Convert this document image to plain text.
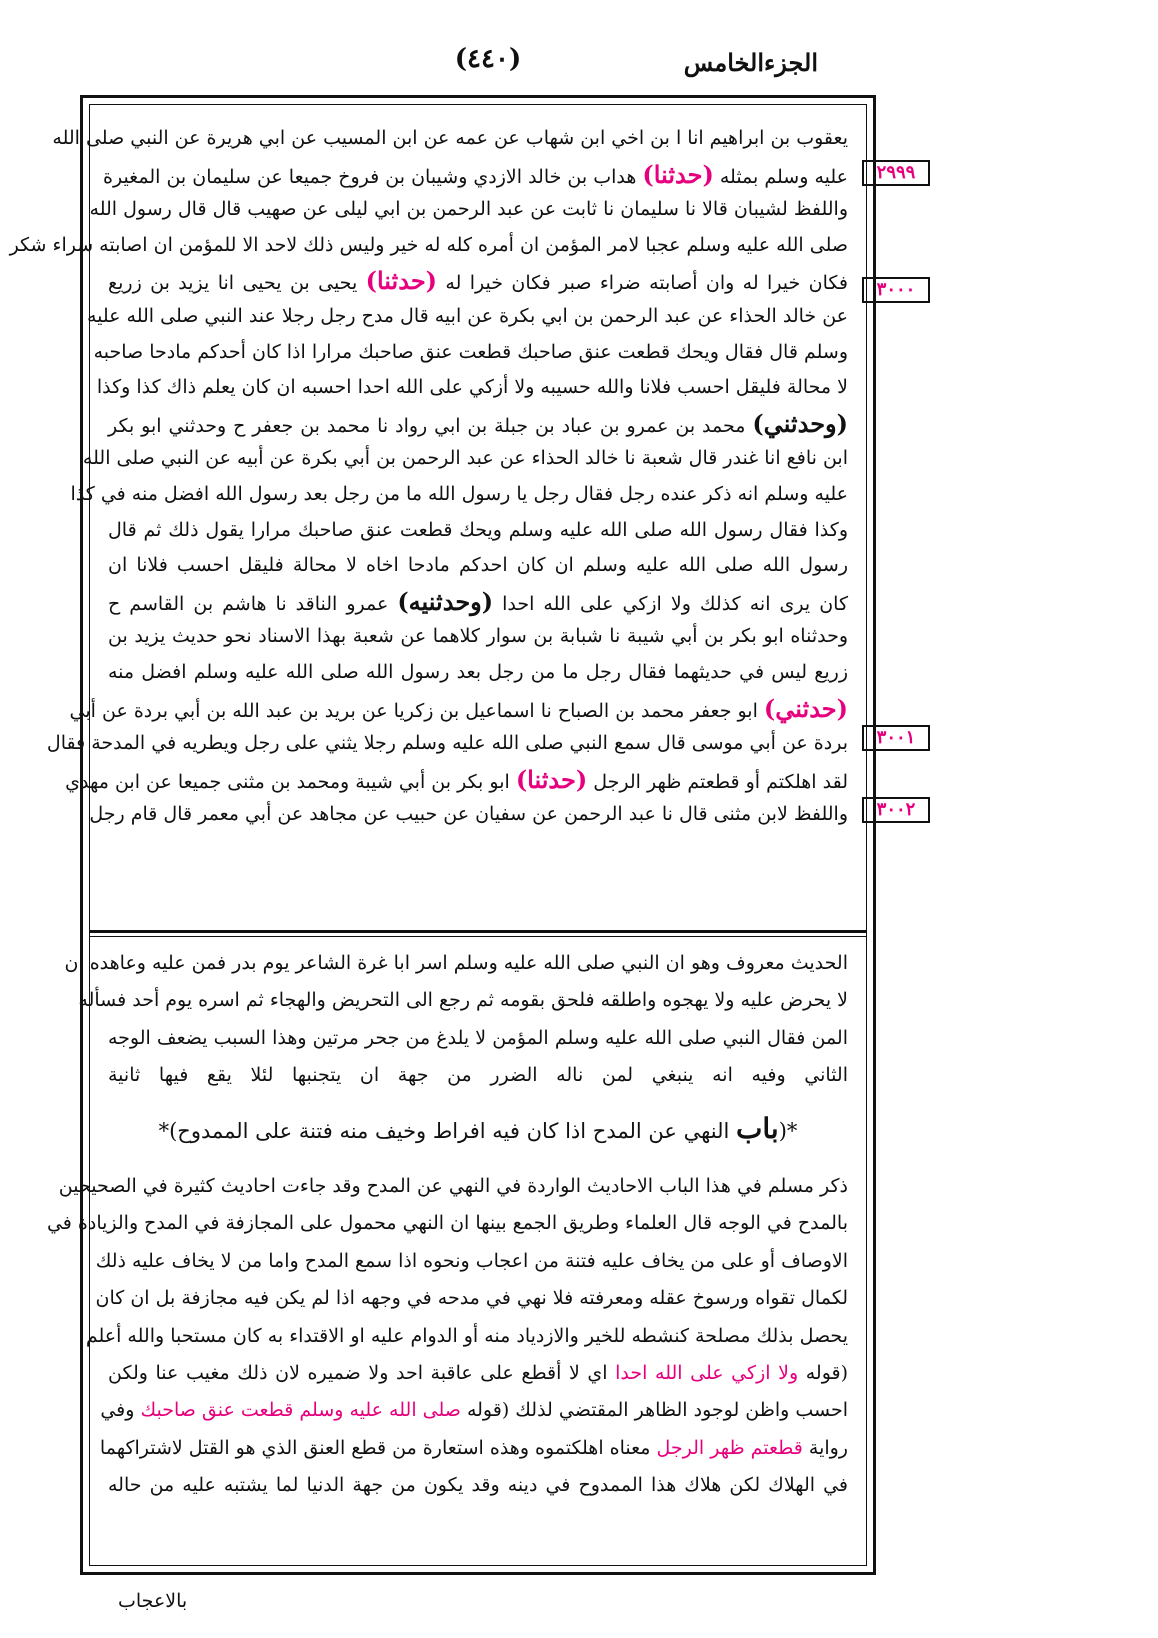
الجزءالخامس
(٤٤٠)
٢٩٩٩
٣٠٠٠
٣٠٠١
٣٠٠٢
يعقوب بن ابراهيم انا ا بن اخي ابن شهاب عن عمه عن ابن المسيب عن ابي هريرة عن النبي صلى الله
عليه وسلم بمثله (حدثنا) هداب بن خالد الازدي وشيبان بن فروخ جميعا عن سليمان بن المغيرة
واللفظ لشيبان قالا نا سليمان نا ثابت عن عبد الرحمن بن ابي ليلى عن صهيب قال قال رسول الله
صلى الله عليه وسلم عجبا لامر المؤمن ان أمره كله له خير وليس ذلك لاحد الا للمؤمن ان اصابته سراء شكر
فكان خيرا له وان أصابته ضراء صبر فكان خيرا له (حدثنا) يحيى بن يحيى انا يزيد بن زريع
عن خالد الحذاء عن عبد الرحمن بن ابي بكرة عن ابيه قال مدح رجل رجلا عند النبي صلى الله عليه
وسلم قال فقال ويحك قطعت عنق صاحبك قطعت عنق صاحبك مرارا اذا كان أحدكم مادحا صاحبه
لا محالة فليقل احسب فلانا والله حسيبه ولا أزكي على الله احدا احسبه ان كان يعلم ذاك كذا وكذا
(وحدثني) محمد بن عمرو بن عباد بن جبلة بن ابي رواد نا محمد بن جعفر ح وحدثني ابو بكر
ابن نافع انا غندر قال شعبة نا خالد الحذاء عن عبد الرحمن بن أبي بكرة عن أبيه عن النبي صلى الله
عليه وسلم انه ذكر عنده رجل فقال رجل يا رسول الله ما من رجل بعد رسول الله افضل منه في كذا
وكذا فقال رسول الله صلى الله عليه وسلم ويحك قطعت عنق صاحبك مرارا يقول ذلك ثم قال
رسول الله صلى الله عليه وسلم ان كان احدكم مادحا اخاه لا محالة فليقل احسب فلانا ان
كان يرى انه كذلك ولا ازكي على الله احدا (وحدثنيه) عمرو الناقد نا هاشم بن القاسم ح
وحدثناه ابو بكر بن أبي شيبة نا شبابة بن سوار كلاهما عن شعبة بهذا الاسناد نحو حديث يزيد بن
زريع ليس في حديثهما فقال رجل ما من رجل بعد رسول الله صلى الله عليه وسلم افضل منه
(حدثني) ابو جعفر محمد بن الصباح نا اسماعيل بن زكريا عن بريد بن عبد الله بن أبي بردة عن أبي
بردة عن أبي موسى قال سمع النبي صلى الله عليه وسلم رجلا يثني على رجل ويطريه في المدحة فقال
لقد اهلكتم أو قطعتم ظهر الرجل (حدثنا) ابو بكر بن أبي شيبة ومحمد بن مثنى جميعا عن ابن مهدي
واللفظ لابن مثنى قال نا عبد الرحمن عن سفيان عن حبيب عن مجاهد عن أبي معمر قال قام رجل
الحديث معروف وهو ان النبي صلى الله عليه وسلم اسر ابا غرة الشاعر يوم بدر فمن عليه وعاهده ان
لا يحرض عليه ولا يهجوه واطلقه فلحق بقومه ثم رجع الى التحريض والهجاء ثم اسره يوم أحد فسأله
المن فقال النبي صلى الله عليه وسلم المؤمن لا يلدغ من جحر مرتين وهذا السبب يضعف الوجه
الثاني وفيه انه ينبغي لمن ناله الضرر من جهة ان يتجنبها لئلا يقع فيها ثانية
*(باب النهي عن المدح اذا كان فيه افراط وخيف منه فتنة على الممدوح)*
ذكر مسلم في هذا الباب الاحاديث الواردة في النهي عن المدح وقد جاءت احاديث كثيرة في الصحيحين
بالمدح في الوجه قال العلماء وطريق الجمع بينها ان النهي محمول على المجازفة في المدح والزيادة في
الاوصاف أو على من يخاف عليه فتنة من اعجاب ونحوه اذا سمع المدح واما من لا يخاف عليه ذلك
لكمال تقواه ورسوخ عقله ومعرفته فلا نهي في مدحه في وجهه اذا لم يكن فيه مجازفة بل ان كان
يحصل بذلك مصلحة كنشطه للخير والازدياد منه أو الدوام عليه او الاقتداء به كان مستحبا والله أعلم
(قوله ولا ازكي على الله احدا اي لا أقطع على عاقبة احد ولا ضميره لان ذلك مغيب عنا ولكن
احسب واظن لوجود الظاهر المقتضي لذلك (قوله صلى الله عليه وسلم قطعت عنق صاحبك وفي
رواية قطعتم ظهر الرجل معناه اهلكتموه وهذه استعارة من قطع العنق الذي هو القتل لاشتراكهما
في الهلاك لكن هلاك هذا الممدوح في دينه وقد يكون من جهة الدنيا لما يشتبه عليه من حاله
بالاعجاب
